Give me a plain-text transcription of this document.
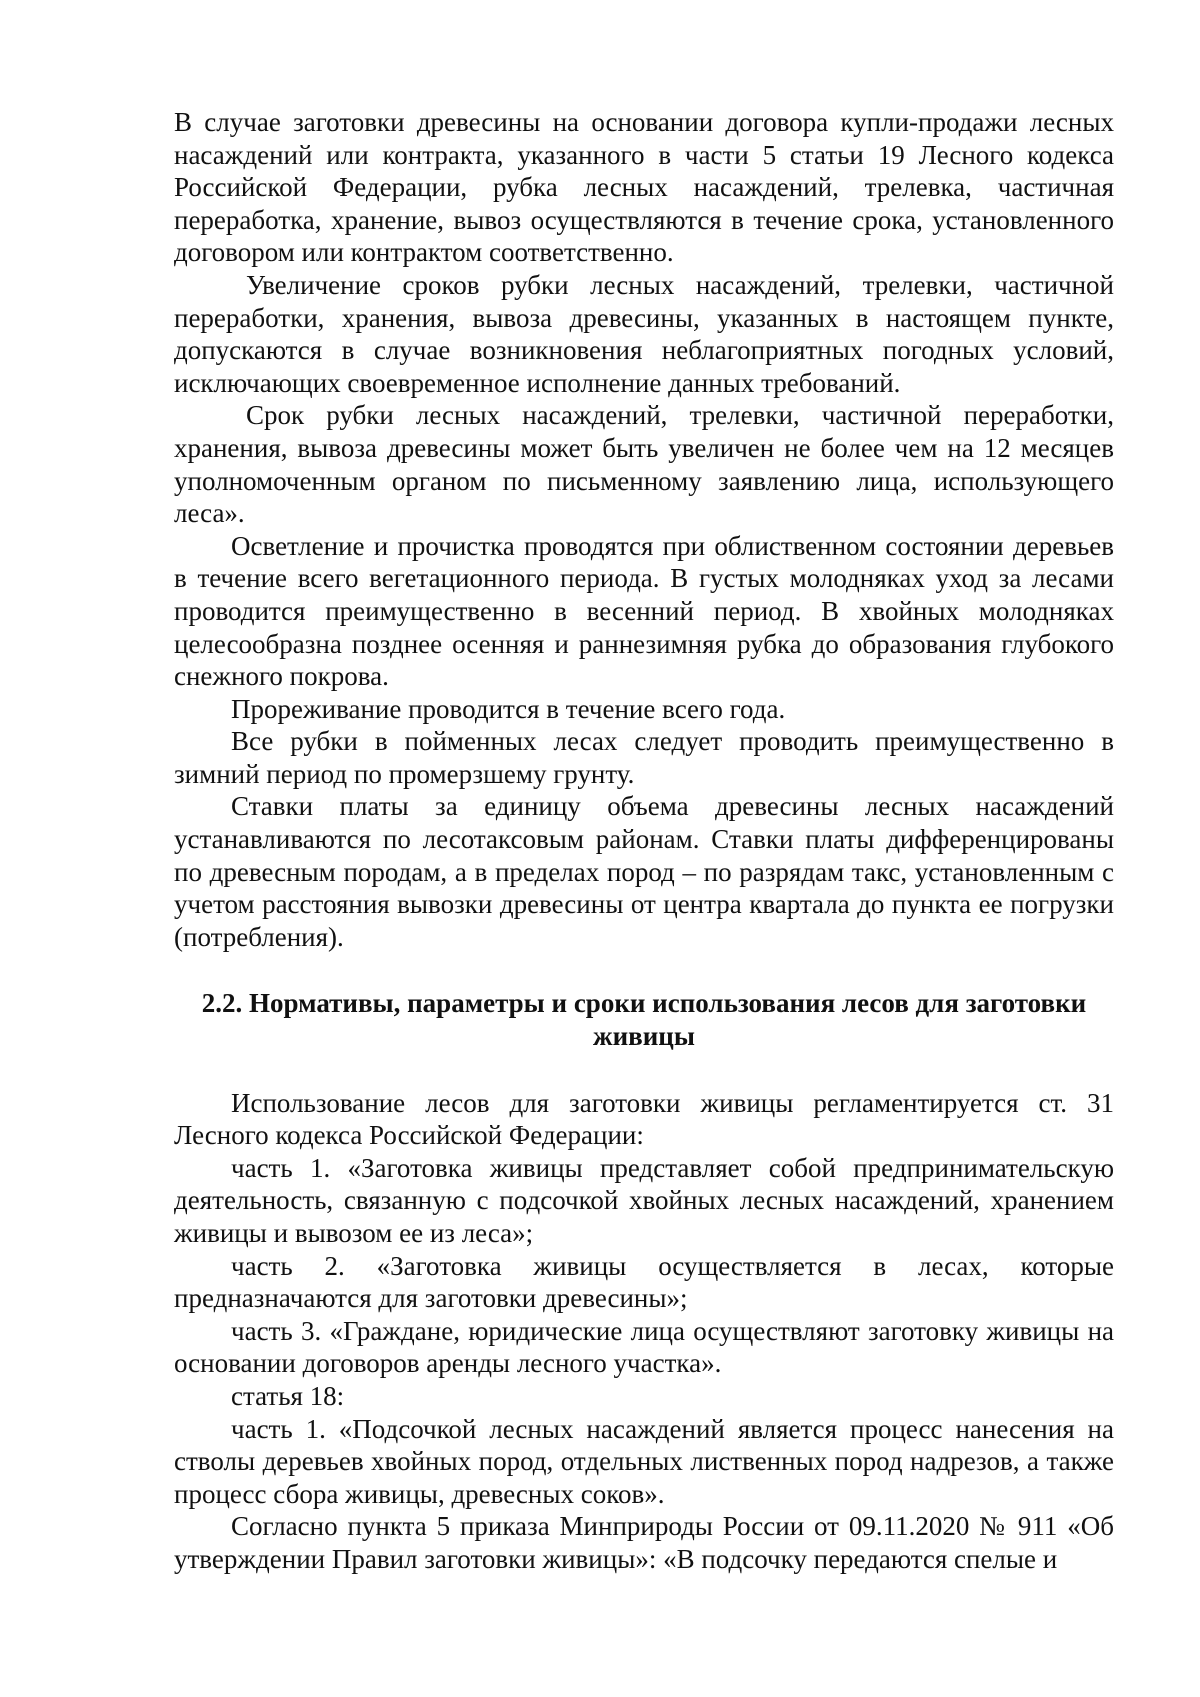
В случае заготовки древесины на основании договора купли-продажи лесных насаждений или контракта, указанного в части 5 статьи 19 Лесного кодекса Российской Федерации, рубка лесных насаждений, трелевка, частичная переработка, хранение, вывоз осуществляются в течение срока, установленного договором или контрактом соответственно.

Увеличение сроков рубки лесных насаждений, трелевки, частичной переработки, хранения, вывоза древесины, указанных в настоящем пункте, допускаются в случае возникновения неблагоприятных погодных условий, исключающих своевременное исполнение данных требований.

Срок рубки лесных насаждений, трелевки, частичной переработки, хранения, вывоза древесины может быть увеличен не более чем на 12 месяцев уполномоченным органом по письменному заявлению лица, использующего леса».

Осветление и прочистка проводятся при облиственном состоянии деревьев в течение всего вегетационного периода. В густых молодняках уход за лесами проводится преимущественно в весенний период. В хвойных молодняках целесообразна позднее осенняя и раннезимняя рубка до образования глубокого снежного покрова.

Прореживание проводится в течение всего года.

Все рубки в пойменных лесах следует проводить преимущественно в зимний период по промерзшему грунту.

Ставки платы за единицу объема древесины лесных насаждений устанавливаются по лесотаксовым районам. Ставки платы дифференцированы по древесным породам, а в пределах пород – по разрядам такс, установленным с учетом расстояния вывозки древесины от центра квартала до пункта ее погрузки (потребления).

2.2. Нормативы, параметры и сроки использования лесов для заготовки живицы

Использование лесов для заготовки живицы регламентируется ст. 31 Лесного кодекса Российской Федерации:

часть 1. «Заготовка живицы представляет собой предпринимательскую деятельность, связанную с подсочкой хвойных лесных насаждений, хранением живицы и вывозом ее из леса»;

часть 2. «Заготовка живицы осуществляется в лесах, которые предназначаются для заготовки древесины»;

часть 3. «Граждане, юридические лица осуществляют заготовку живицы на основании договоров аренды лесного участка».

статья 18:

часть 1. «Подсочкой лесных насаждений является процесс нанесения на стволы деревьев хвойных пород, отдельных лиственных пород надрезов, а также процесс сбора живицы, древесных соков».

Согласно пункта 5 приказа Минприроды России от 09.11.2020 № 911 «Об утверждении Правил заготовки живицы»: «В подсочку передаются спелые и
